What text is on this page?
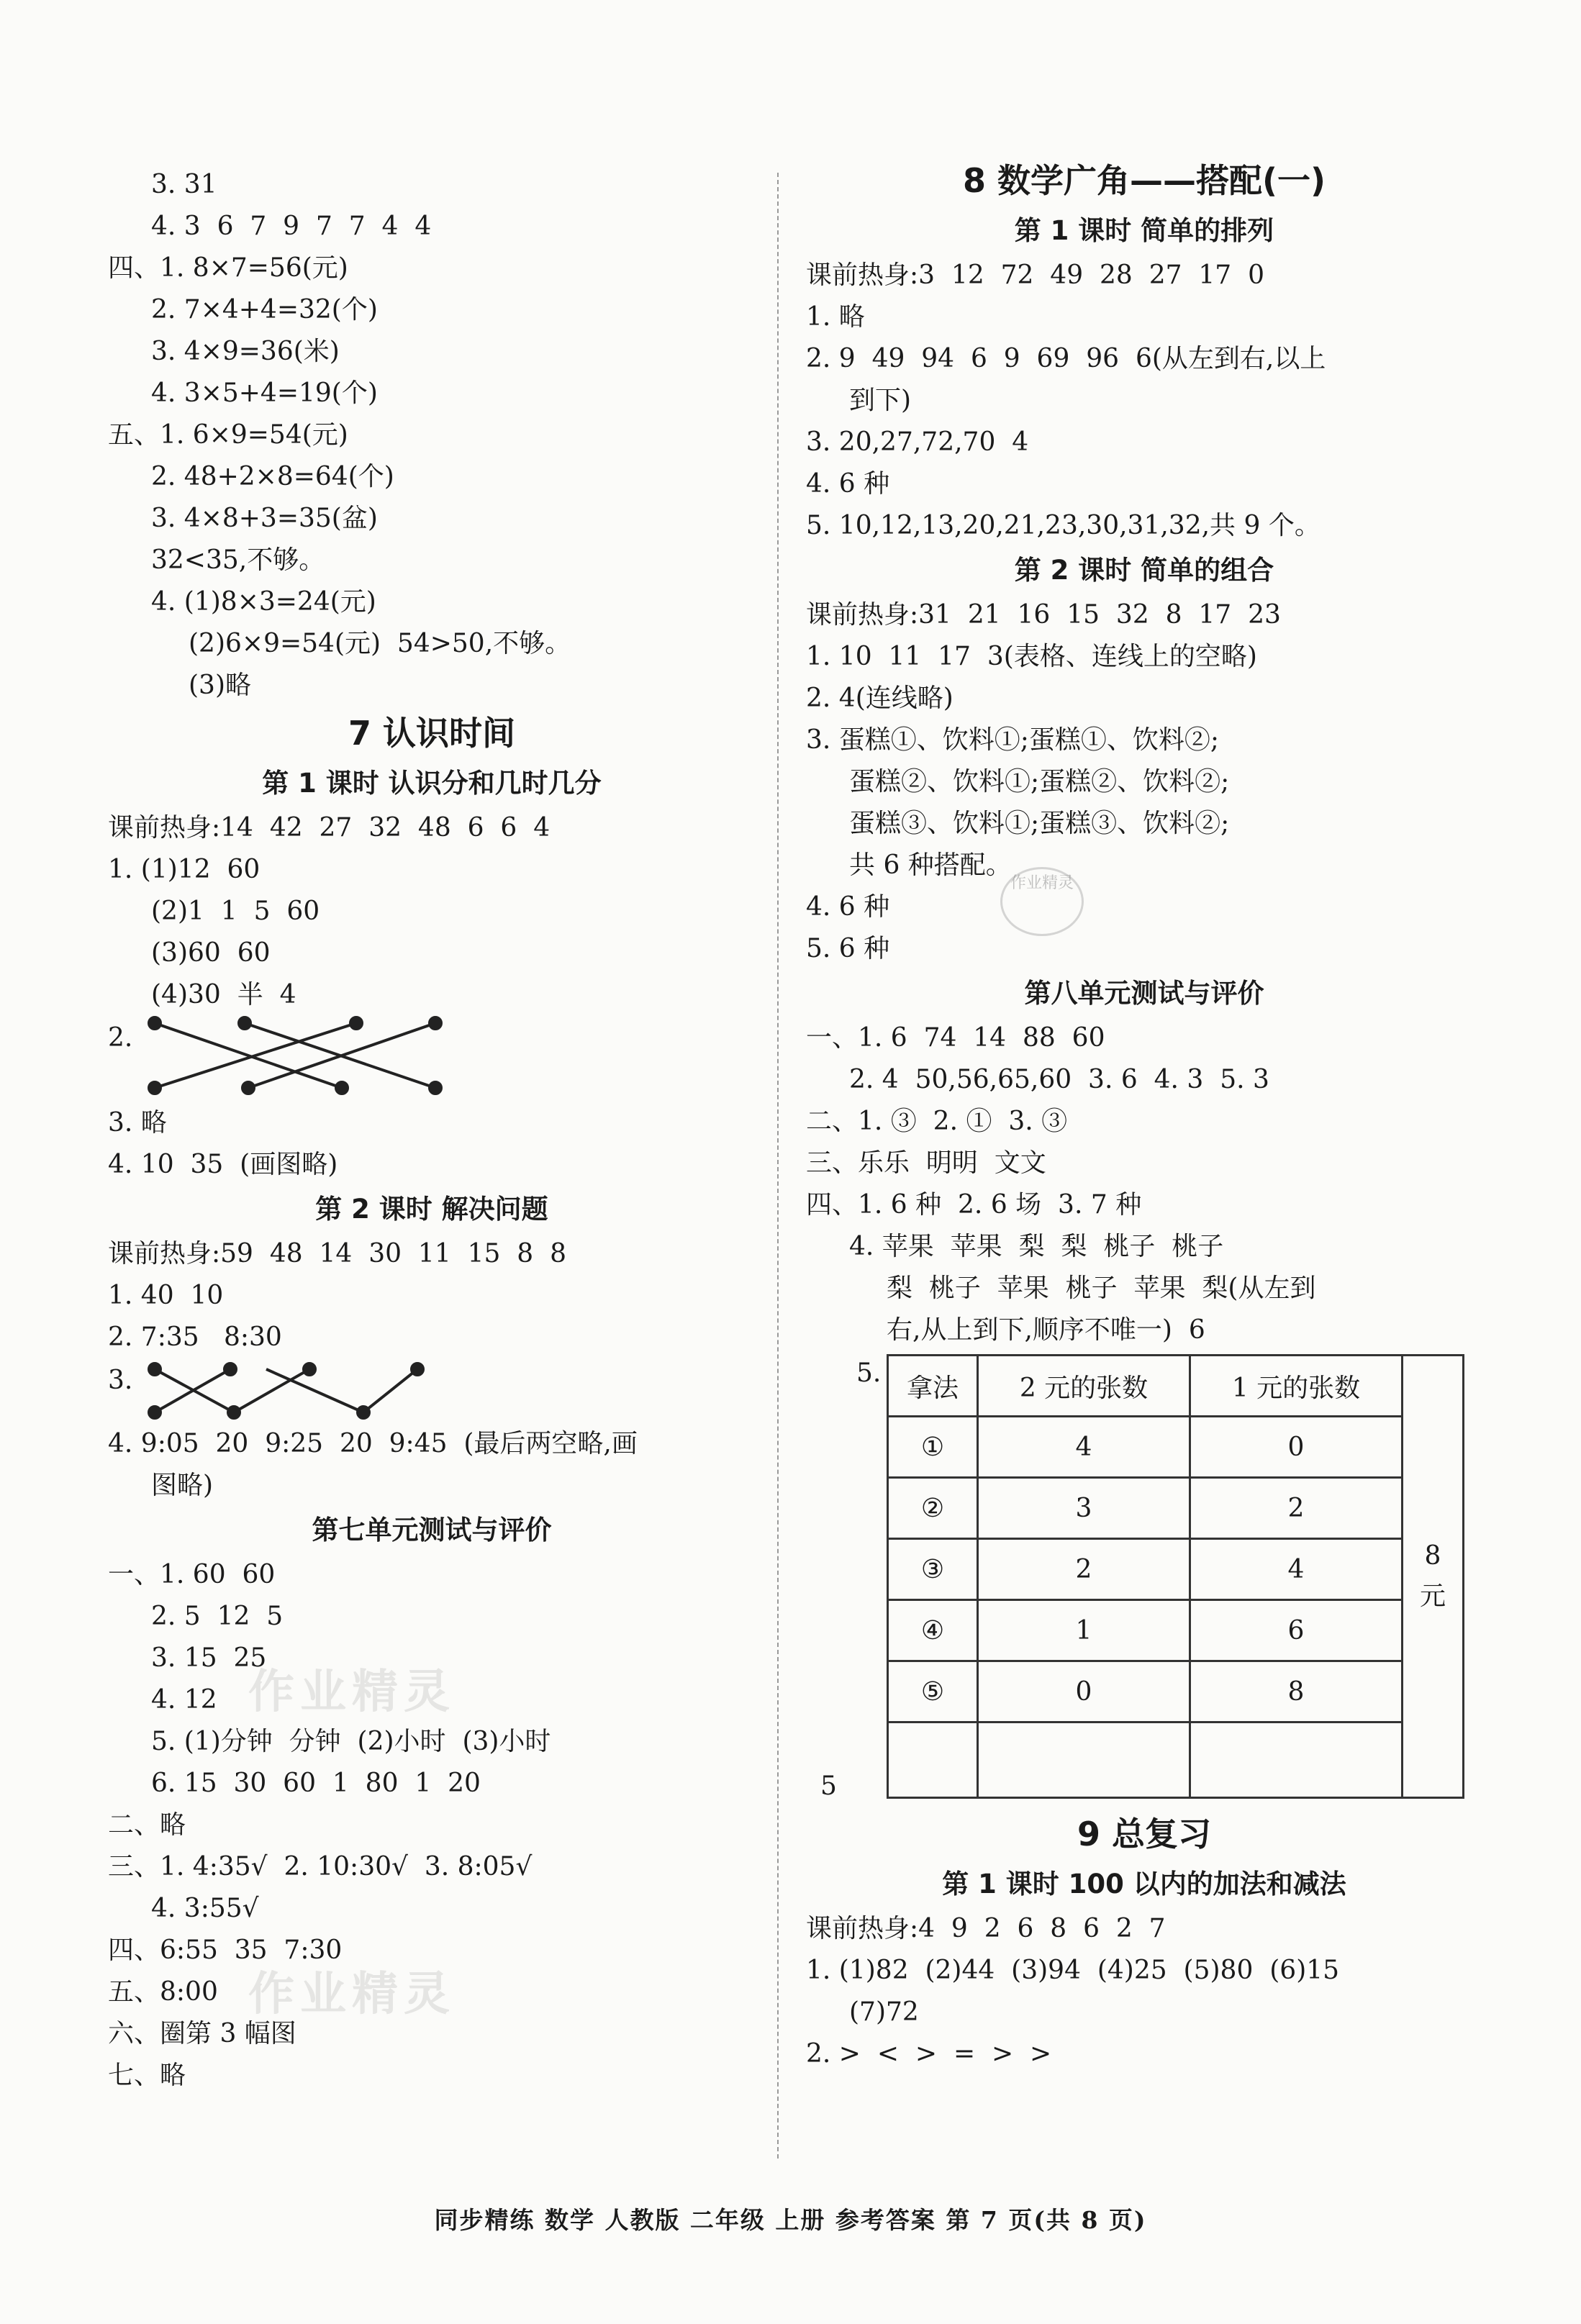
作业精灵
作业精灵
作业精灵
3. 31
4. 3  6  7  9  7  7  4  4
四、1. 8×7=56(元)
2. 7×4+4=32(个)
3. 4×9=36(米)
4. 3×5+4=19(个)
五、1. 6×9=54(元)
2. 48+2×8=64(个)
3. 4×8+3=35(盆)
32<35,不够。
4. (1)8×3=24(元)
(2)6×9=54(元)  54>50,不够。
(3)略
7 认识时间
第 1 课时 认识分和几时几分
课前热身:14  42  27  32  48  6  6  4
1. (1)12  60
(2)1  1  5  60
(3)60  60
(4)30  半  4
2.
3. 略
4. 10  35  (画图略)
第 2 课时 解决问题
课前热身:59  48  14  30  11  15  8  8
1. 40  10
2. 7:35   8:30
3.
4. 9:05  20  9:25  20  9:45  (最后两空略,画
图略)
第七单元测试与评价
一、1. 60  60
2. 5  12  5
3. 15  25
4. 12
5. (1)分钟  分钟  (2)小时  (3)小时
6. 15  30  60  1  80  1  20
二、略
三、1. 4:35√  2. 10:30√  3. 8:05√
4. 3:55√
四、6:55  35  7:30
五、8:00
六、圈第 3 幅图
七、略
8 数学广角——搭配(一)
第 1 课时 简单的排列
课前热身:3  12  72  49  28  27  17  0
1. 略
2. 9  49  94  6  9  69  96  6(从左到右,以上
到下)
3. 20,27,72,70  4
4. 6 种
5. 10,12,13,20,21,23,30,31,32,共 9 个。
第 2 课时 简单的组合
课前热身:31  21  16  15  32  8  17  23
1. 10  11  17  3(表格、连线上的空略)
2. 4(连线略)
3. 蛋糕①、饮料①;蛋糕①、饮料②;
蛋糕②、饮料①;蛋糕②、饮料②;
蛋糕③、饮料①;蛋糕③、饮料②;
共 6 种搭配。
4. 6 种
5. 6 种
第八单元测试与评价
一、1. 6  74  14  88  60
2. 4  50,56,65,60  3. 6  4. 3  5. 3
二、1. ③  2. ①  3. ③
三、乐乐  明明  文文
四、1. 6 种  2. 6 场  3. 7 种
4. 苹果  苹果  梨  梨  桃子  桃子
梨  桃子  苹果  桃子  苹果  梨(从左到
右,从上到下,顺序不唯一)  6
5. 拿法	2 元的张数	1 元的张数	8 元

①	4	0	
②	3	2	
③	2	4	
④	1	6	
⑤	0	8	

5
9 总复习
第 1 课时 100 以内的加法和减法
课前热身:4  9  2  6  8  6  2  7
1. (1)82  (2)44  (3)94  (4)25  (5)80  (6)15
(7)72
2. >  <  >  =  >  >
同步精练 数学 人教版 二年级 上册 参考答案 第 7 页(共 8 页)
